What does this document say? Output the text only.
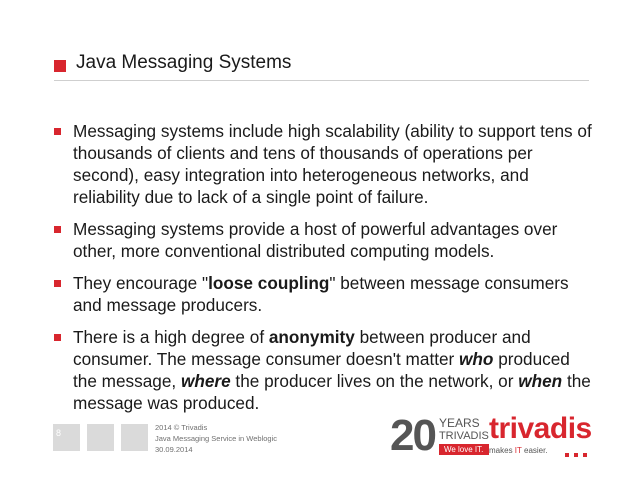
Java Messaging Systems
Messaging systems include high scalability (ability to support tens of thousands of clients and tens of thousands of operations per second), easy integration into heterogeneous networks, and reliability due to lack of a single point of failure.
Messaging systems provide a host of powerful advantages over other, more conventional distributed computing models.
They encourage "loose coupling" between message consumers and message producers.
There is a high degree of anonymity between producer and consumer. The message consumer doesn't matter who produced the message, where the producer lives on the network, or when the message was produced.
8
2014 © Trivadis
Java Messaging Service in Weblogic
30.09.2014	20 YEARS
TRIVADIS
We love IT.
trivadis
makes IT easier.
